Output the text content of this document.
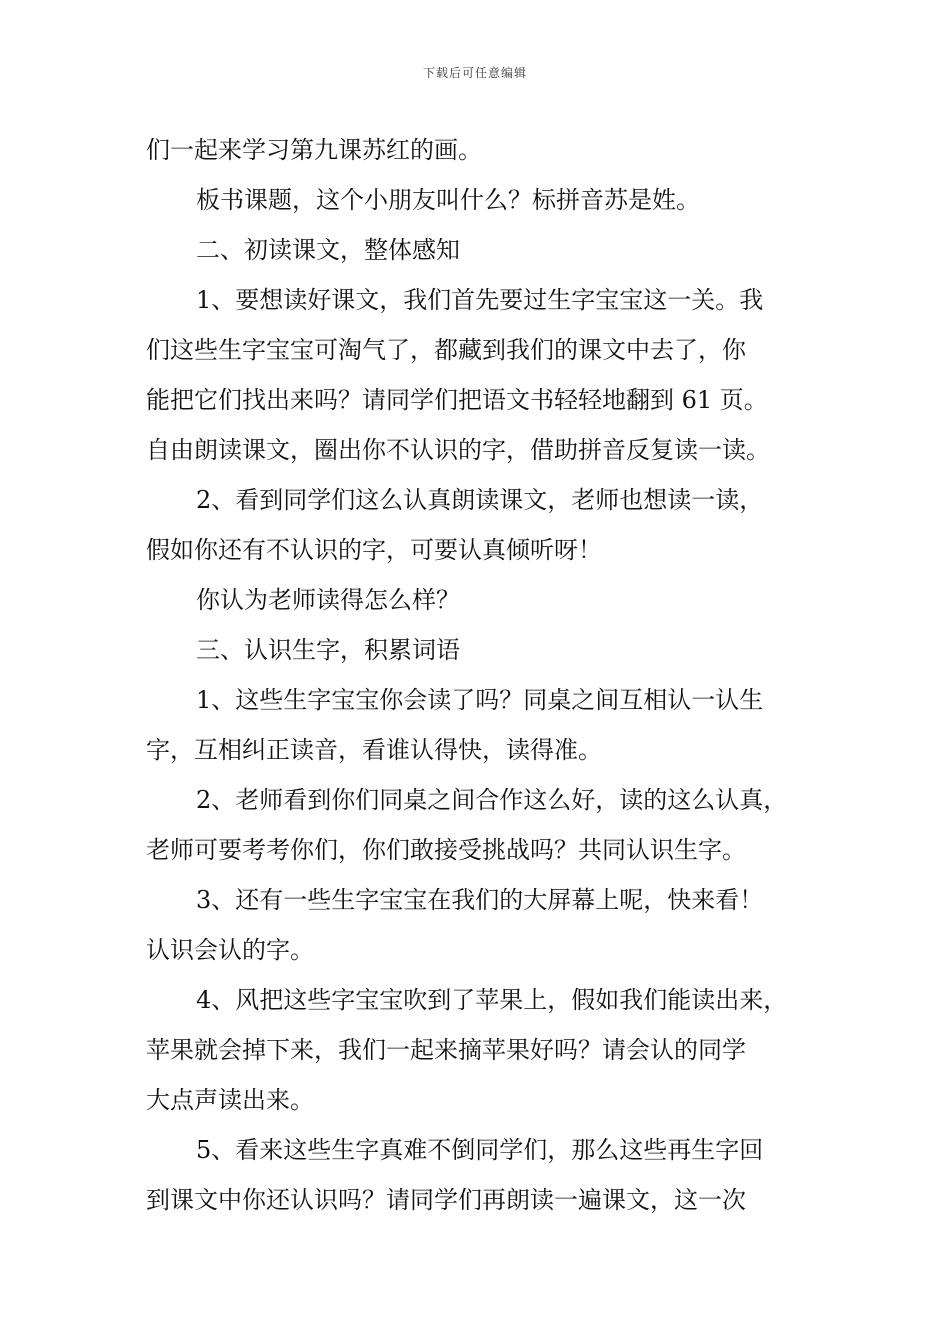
下载后可任意编辑
们一起来学习第九课苏红的画。
板书课题，这个小朋友叫什么？标拼音苏是姓。
二、初读课文，整体感知
1、要想读好课文，我们首先要过生字宝宝这一关。我
们这些生字宝宝可淘气了，都藏到我们的课文中去了，你
能把它们找出来吗？请同学们把语文书轻轻地翻到 61 页。
自由朗读课文，圈出你不认识的字，借助拼音反复读一读。
2、看到同学们这么认真朗读课文，老师也想读一读，
假如你还有不认识的字，可要认真倾听呀！
你认为老师读得怎么样？
三、认识生字，积累词语
1、这些生字宝宝你会读了吗？同桌之间互相认一认生
字，互相纠正读音，看谁认得快，读得准。
2、老师看到你们同桌之间合作这么好，读的这么认真，
老师可要考考你们，你们敢接受挑战吗？共同认识生字。
3、还有一些生字宝宝在我们的大屏幕上呢，快来看！
认识会认的字。
4、风把这些字宝宝吹到了苹果上，假如我们能读出来，
苹果就会掉下来，我们一起来摘苹果好吗？请会认的同学
大点声读出来。
5、看来这些生字真难不倒同学们，那么这些再生字回
到课文中你还认识吗？请同学们再朗读一遍课文，这一次
